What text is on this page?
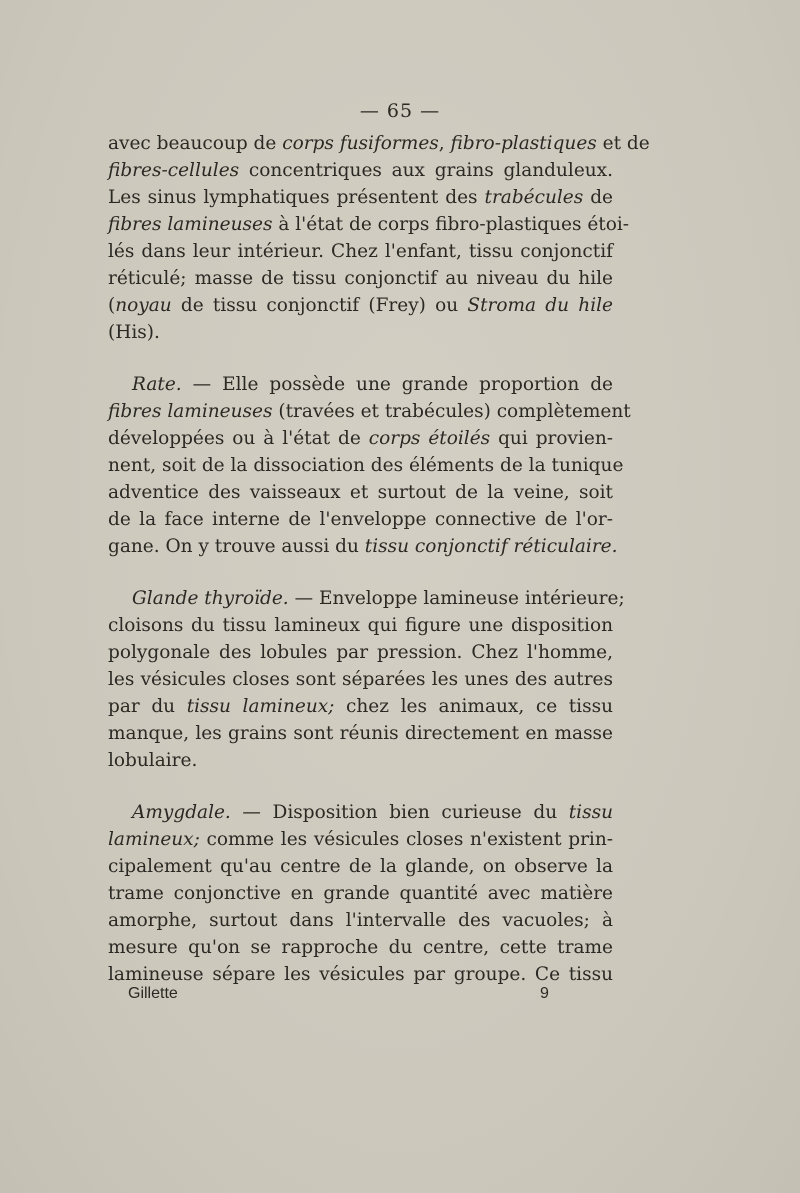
— 65 —
avec beaucoup de corps fusiformes, fibro-plastiques et de
fibres-cellules concentriques aux grains glanduleux.
Les sinus lymphatiques présentent des trabécules de
fibres lamineuses à l'état de corps fibro-plastiques étoi-
lés dans leur intérieur. Chez l'enfant, tissu conjonctif
réticulé; masse de tissu conjonctif au niveau du hile
(noyau de tissu conjonctif (Frey) ou Stroma du hile
(His).
Rate. — Elle possède une grande proportion de
fibres lamineuses (travées et trabécules) complètement
développées ou à l'état de corps étoilés qui provien-
nent, soit de la dissociation des éléments de la tunique
adventice des vaisseaux et surtout de la veine, soit
de la face interne de l'enveloppe connective de l'or-
gane. On y trouve aussi du tissu conjonctif réticulaire.
Glande thyroïde. — Enveloppe lamineuse intérieure;
cloisons du tissu lamineux qui figure une disposition
polygonale des lobules par pression. Chez l'homme,
les vésicules closes sont séparées les unes des autres
par du tissu lamineux; chez les animaux, ce tissu
manque, les grains sont réunis directement en masse
lobulaire.
Amygdale. — Disposition bien curieuse du tissu
lamineux; comme les vésicules closes n'existent prin-
cipalement qu'au centre de la glande, on observe la
trame conjonctive en grande quantité avec matière
amorphe, surtout dans l'intervalle des vacuoles; à
mesure qu'on se rapproche du centre, cette trame
lamineuse sépare les vésicules par groupe. Ce tissu
Gillette	9
